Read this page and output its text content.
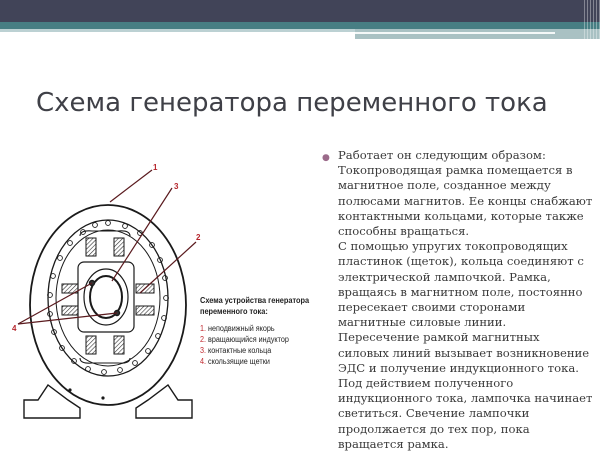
Схема генератора переменного тока
1
2
3
4
Схема устройства генератора
переменного тока:
1. неподвижный якорь
2. вращающийся индуктор
3. контактные кольца
4. скользящие щетки
● Работает он следующим образом:
Токопроводящая рамка помещается в
магнитное поле, созданное между
полюсами магнитов. Ее концы снабжают
контактными кольцами, которые также
способны вращаться.
С помощью упругих токопроводящих
пластинок (щеток), кольца соединяют с
электрической лампочкой. Рамка,
вращаясь в магнитном поле, постоянно
пересекает своими сторонами
магнитные силовые линии.
Пересечение рамкой магнитных
силовых линий вызывает возникновение
ЭДС и получение индукционного тока.
Под действием полученного
индукционного тока, лампочка начинает
светиться. Свечение лампочки
продолжается до тех пор, пока
вращается рамка.
